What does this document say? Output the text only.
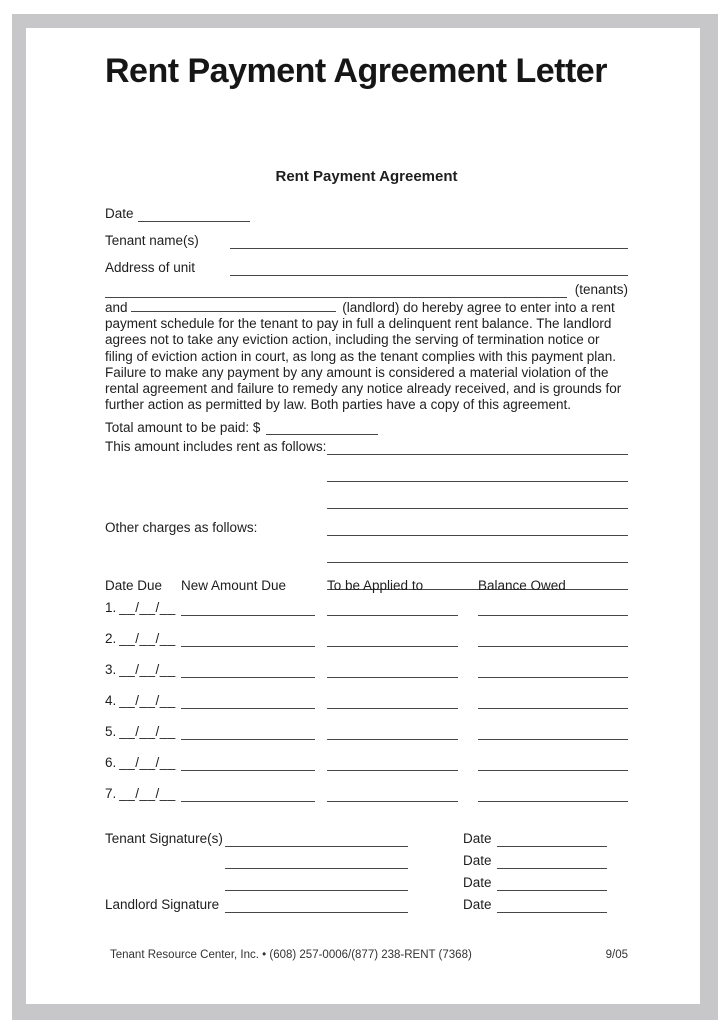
Rent Payment Agreement Letter
Rent Payment Agreement
Date
Tenant name(s)
Address of unit
(tenants)

and	(landlord) do hereby agree to enter into a rent payment schedule for the tenant to pay in full a delinquent rent balance. The landlord agrees not to take any eviction action, including the serving of termination notice or filing of eviction action in court, as long as the tenant complies with this payment plan. Failure to make any payment by any amount is considered a material violation of the rental agreement and failure to remedy any notice already received, and is grounds for further action as permitted by law. Both parties have a copy of this agreement.

Total amount to be paid: $
This amount includes rent as follows:
Other charges as follows:
Date Due	New Amount Due	To be Applied to	Balance Owed
1. __/__/__
2. __/__/__
3. __/__/__
4. __/__/__
5. __/__/__
6. __/__/__
7. __/__/__
Tenant Signature(s)	Date
Date
Date
Landlord Signature	Date
Tenant Resource Center, Inc. • (608) 257-0006/(877) 238-RENT (7368)	9/05
